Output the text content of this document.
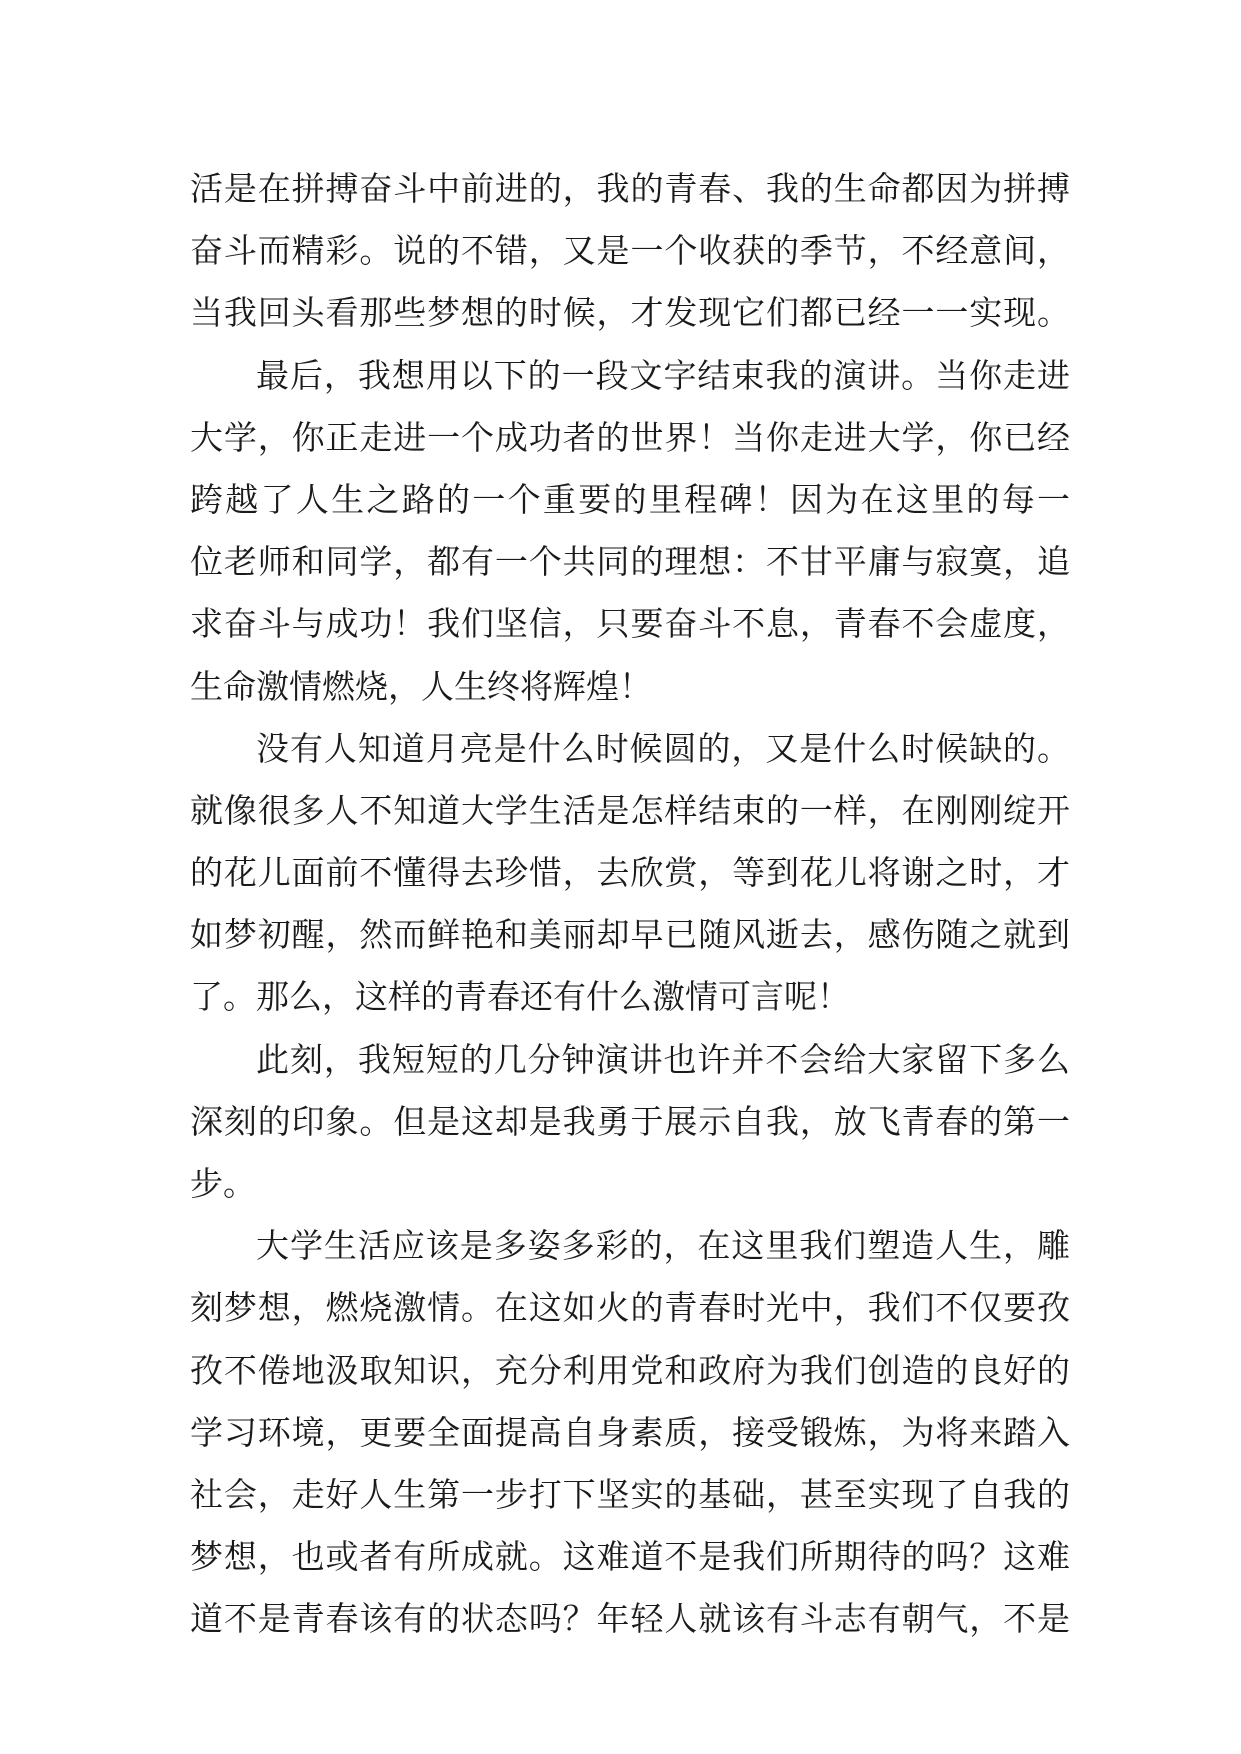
活是在拼搏奋斗中前进的，我的青春、我的生命都因为拼搏
奋斗而精彩。说的不错，又是一个收获的季节，不经意间，
当我回头看那些梦想的时候，才发现它们都已经一一实现。
最后，我想用以下的一段文字结束我的演讲。当你走进
大学，你正走进一个成功者的世界！当你走进大学，你已经
跨越了人生之路的一个重要的里程碑！因为在这里的每一
位老师和同学，都有一个共同的理想：不甘平庸与寂寞，追
求奋斗与成功！我们坚信，只要奋斗不息，青春不会虚度，
生命激情燃烧，人生终将辉煌！
没有人知道月亮是什么时候圆的，又是什么时候缺的。
就像很多人不知道大学生活是怎样结束的一样，在刚刚绽开
的花儿面前不懂得去珍惜，去欣赏，等到花儿将谢之时，才
如梦初醒，然而鲜艳和美丽却早已随风逝去，感伤随之就到
了。那么，这样的青春还有什么激情可言呢！
此刻，我短短的几分钟演讲也许并不会给大家留下多么
深刻的印象。但是这却是我勇于展示自我，放飞青春的第一
步。
大学生活应该是多姿多彩的，在这里我们塑造人生，雕
刻梦想，燃烧激情。在这如火的青春时光中，我们不仅要孜
孜不倦地汲取知识，充分利用党和政府为我们创造的良好的
学习环境，更要全面提高自身素质，接受锻炼，为将来踏入
社会，走好人生第一步打下坚实的基础，甚至实现了自我的
梦想，也或者有所成就。这难道不是我们所期待的吗？这难
道不是青春该有的状态吗？年轻人就该有斗志有朝气，不是
